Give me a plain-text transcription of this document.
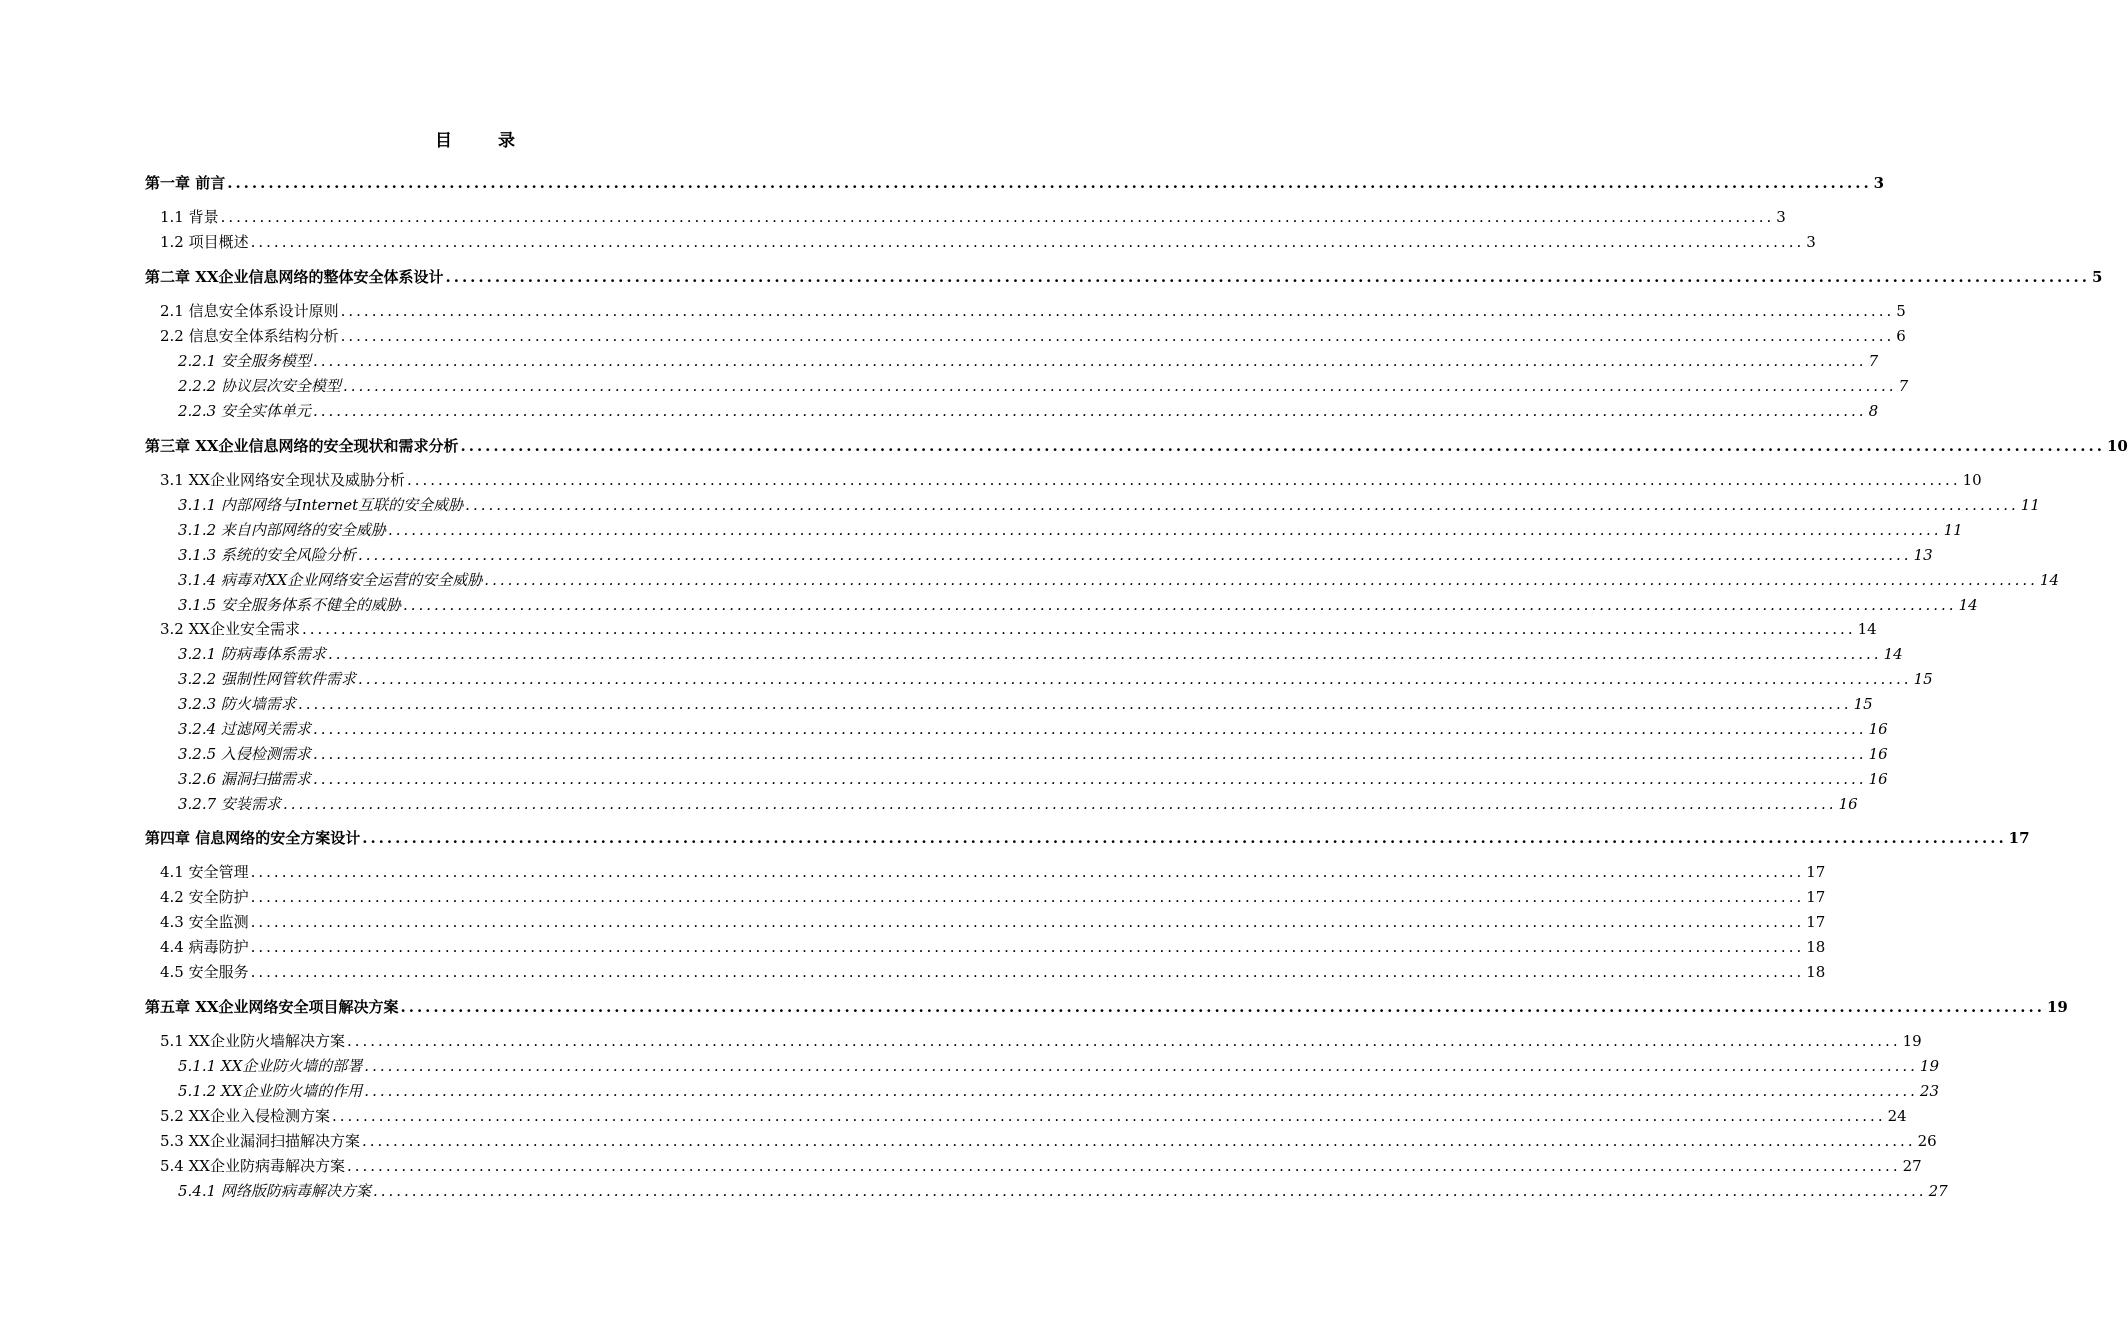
目 录
第一章 前言 ........................................................................................................................................................................................................ 3
1.1 背景 ........................................................................................................................................................................................................ 3
1.2 项目概述 ........................................................................................................................................................................................................ 3
第二章 XX企业信息网络的整体安全体系设计 ........................................................................................................................................................................................................ 5
2.1 信息安全体系设计原则 ........................................................................................................................................................................................................ 5
2.2 信息安全体系结构分析 ........................................................................................................................................................................................................ 6
2.2.1 安全服务模型 ........................................................................................................................................................................................................ 7
2.2.2 协议层次安全模型 ........................................................................................................................................................................................................ 7
2.2.3 安全实体单元 ........................................................................................................................................................................................................ 8
第三章 XX企业信息网络的安全现状和需求分析 ........................................................................................................................................................................................................ 10
3.1 XX企业网络安全现状及威胁分析 ........................................................................................................................................................................................................ 10
3.1.1 内部网络与Internet互联的安全威胁 ........................................................................................................................................................................................................ 11
3.1.2 来自内部网络的安全威胁 ........................................................................................................................................................................................................ 11
3.1.3 系统的安全风险分析 ........................................................................................................................................................................................................ 13
3.1.4 病毒对XX企业网络安全运营的安全威胁 ........................................................................................................................................................................................................ 14
3.1.5 安全服务体系不健全的威胁 ........................................................................................................................................................................................................ 14
3.2 XX企业安全需求 ........................................................................................................................................................................................................ 14
3.2.1 防病毒体系需求 ........................................................................................................................................................................................................ 14
3.2.2 强制性网管软件需求 ........................................................................................................................................................................................................ 15
3.2.3 防火墙需求 ........................................................................................................................................................................................................ 15
3.2.4 过滤网关需求 ........................................................................................................................................................................................................ 16
3.2.5 入侵检测需求 ........................................................................................................................................................................................................ 16
3.2.6 漏洞扫描需求 ........................................................................................................................................................................................................ 16
3.2.7 安装需求 ........................................................................................................................................................................................................ 16
第四章 信息网络的安全方案设计 ........................................................................................................................................................................................................ 17
4.1 安全管理 ........................................................................................................................................................................................................ 17
4.2 安全防护 ........................................................................................................................................................................................................ 17
4.3 安全监测 ........................................................................................................................................................................................................ 17
4.4 病毒防护 ........................................................................................................................................................................................................ 18
4.5 安全服务 ........................................................................................................................................................................................................ 18
第五章 XX企业网络安全项目解决方案 ........................................................................................................................................................................................................ 19
5.1 XX企业防火墙解决方案 ........................................................................................................................................................................................................ 19
5.1.1 XX企业防火墙的部署 ........................................................................................................................................................................................................ 19
5.1.2 XX企业防火墙的作用 ........................................................................................................................................................................................................ 23
5.2 XX企业入侵检测方案 ........................................................................................................................................................................................................ 24
5.3 XX企业漏洞扫描解决方案 ........................................................................................................................................................................................................ 26
5.4 XX企业防病毒解决方案 ........................................................................................................................................................................................................ 27
5.4.1 网络版防病毒解决方案 ........................................................................................................................................................................................................ 27
